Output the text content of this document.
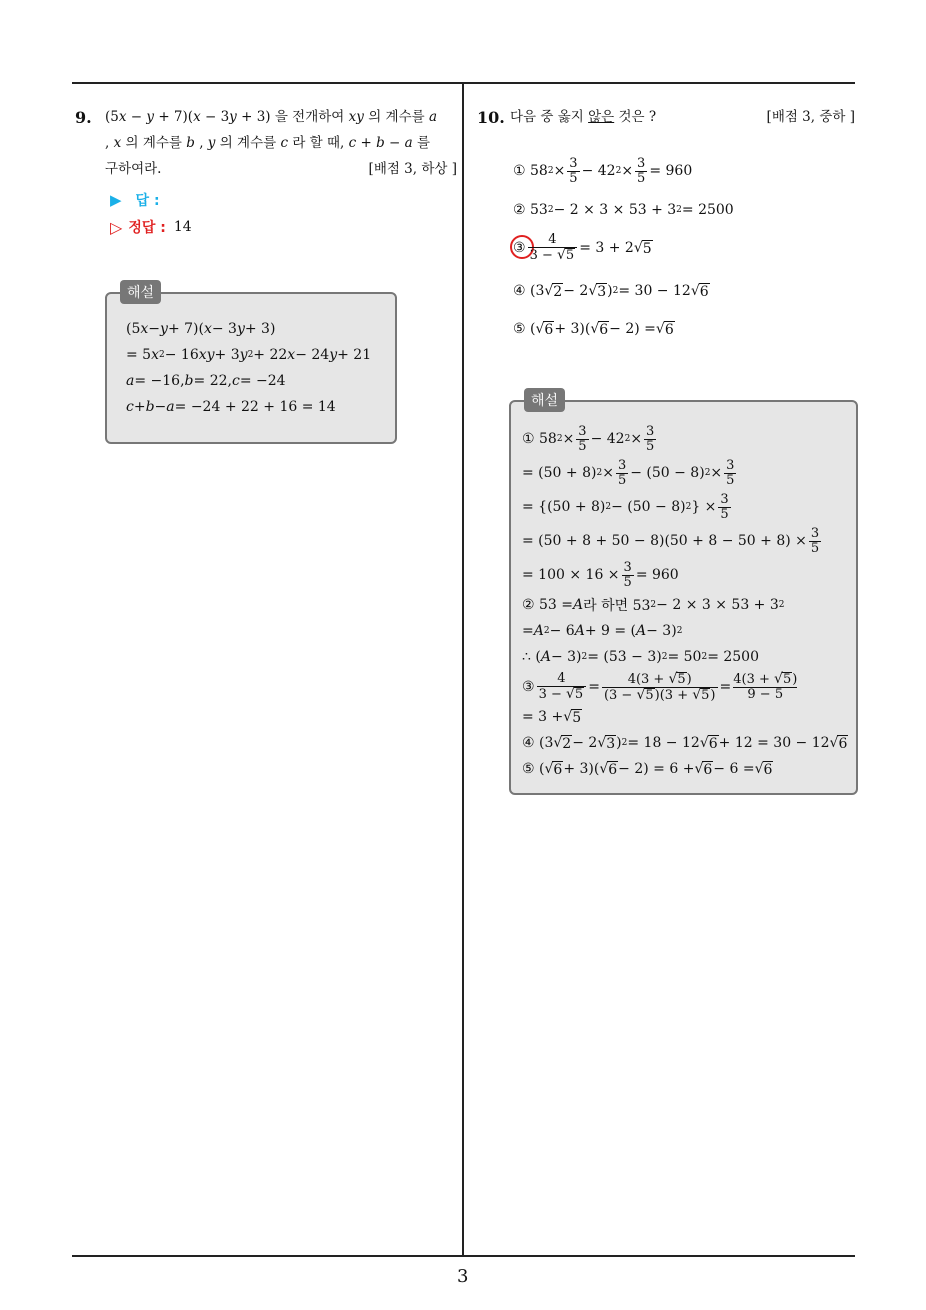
3
9. (5x − y + 7)(x − 3y + 3) 을 전개하여 xy 의 계수를 a
, x 의 계수를 b , y 의 계수를 c 라 할 때, c + b − a 를
구하여라.	[배점 3, 하상 ]
▶ 답 :
▷ 정답 : 14
해설
(5 x − y + 7)( x − 3 y + 3)
= 5 x 2 − 16 xy + 3 y 2 + 22 x − 24 y + 21
a = −16, b = 22, c = −24
c + b − a = −24 + 22 + 16 = 14
10. 다음 중 옳지 않은 것은 ?	[배점 3, 중하 ]
① 58 $2 \times \frac{3}{5} - 42$ $2 \times \frac{3}{5} = 960$
② 53 2 − 2 × 3 × 53 + 3 2 = 2500
③ $\frac{4}{3 - √5} = 3 + 2$ √ 5
④ (3 √ 2 − 2 √ 3 ) 2 = 30 − 12 √ 6
⑤ ( √ 6 + 3)( √ 6 − 2) = √ 6
해설
① 58 $2 \times \frac{3}{5} - 42$ $2 \times \frac{3}{5}$
= (50 + 8) $2 \times \frac{3}{5} - (50 - 8) 2 \times \frac{3}{5}$
= {(50 + 8) 2 − (50 − 8) 2 } × $\frac{3}{5}$
= $(50 + 8 + 50 - 8)(50 + 8 - 50 + 8) \times \frac{3}{5}$
= $100 \times 16 \times \frac{3}{5} = 960$
② 53 = A 라 하면 53 2 − 2 × 3 × 53 + 3 2
= A 2 − 6 A + 9 = ( A − 3) 2
∴ ( A − 3) 2 = (53 − 3) 2 = 50 2 = 2500
③ $\frac{4}{3 - √5} = \frac{4(3 + √5)}{(3 - √5)(3 + √5)} = \frac{4(3 + √5)}{9 - 5}$
= 3 + √ 5
④ (3 √ 2 − 2 √ 3 ) 2 = 18 − 12 √ 6 + 12 = 30 − 12 √ 6
⑤ ( √ 6 + 3)( √ 6 − 2) = 6 + √ 6 − 6 = √ 6
